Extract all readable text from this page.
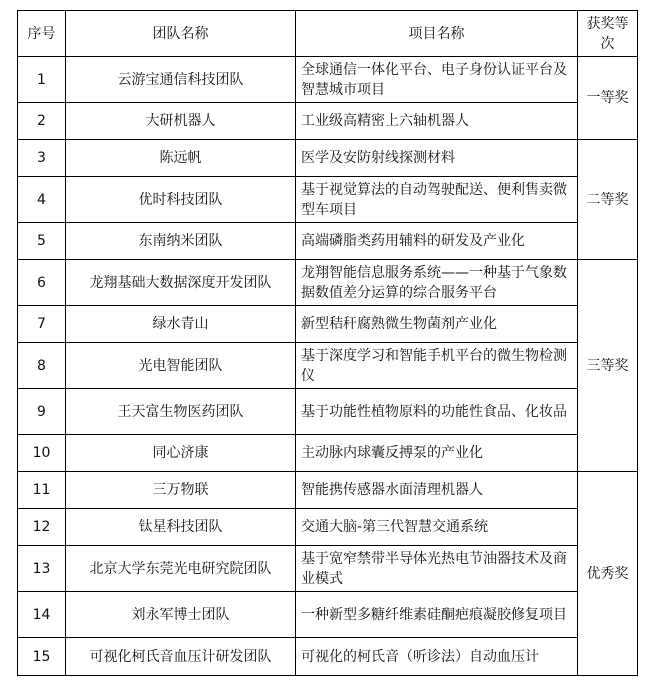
序号	团队名称	项目名称	获奖等次
1	云游宝通信科技团队	全球通信一体化平台、电子身份认证平台及智慧城市项目	一等奖
2	大研机器人	工业级高精密上六轴机器人	
3	陈远帆	医学及安防射线探测材料	二等奖
4	优时科技团队	基于视觉算法的自动驾驶配送、便利售卖微型车项目	
5	东南纳米团队	高端磷脂类药用辅料的研发及产业化	
6	龙翔基础大数据深度开发团队	龙翔智能信息服务系统——一种基于气象数据数值差分运算的综合服务平台	三等奖
7	绿水青山	新型秸秆腐熟微生物菌剂产业化	
8	光电智能团队	基于深度学习和智能手机平台的微生物检测仪	
9	王天富生物医药团队	基于功能性植物原料的功能性食品、化妆品	
10	同心济康	主动脉内球囊反搏泵的产业化	
11	三万物联	智能携传感器水面清理机器人	优秀奖
12	钛星科技团队	交通大脑-第三代智慧交通系统	
13	北京大学东莞光电研究院团队	基于宽窄禁带半导体光热电节油器技术及商业模式	
14	刘永军博士团队	一种新型多糖纤维素硅酮疤痕凝胶修复项目	
15	可视化柯氏音血压计研发团队	可视化的柯氏音（听诊法）自动血压计	
